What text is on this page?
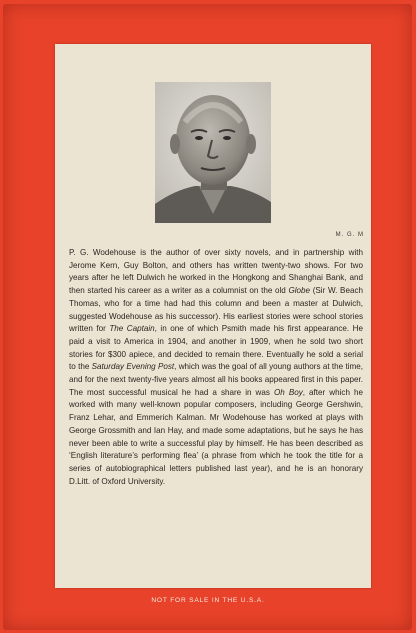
M. G. M

P. G. Wodehouse is the author of over sixty novels, and in partnership with Jerome Kern, Guy Bolton, and others has written twenty-two shows. For two years after he left Dulwich he worked in the Hongkong and Shanghai Bank, and then started his career as a writer as a columnist on the old Globe (Sir W. Beach Thomas, who for a time had had this column and been a master at Dulwich, suggested Wodehouse as his successor). His earliest stories were school stories written for The Captain, in one of which Psmith made his first appearance. He paid a visit to America in 1904, and another in 1909, when he sold two short stories for $300 apiece, and decided to remain there. Eventually he sold a serial to the Saturday Evening Post, which was the goal of all young authors at the time, and for the next twenty-five years almost all his books appeared first in this paper. The most successful musical he had a share in was Oh Boy, after which he worked with many well-known popular composers, including George Gershwin, Franz Lehar, and Emmerich Kalman. Mr Wodehouse has worked at plays with George Grossmith and Ian Hay, and made some adaptations, but he says he has never been able to write a successful play by himself. He has been described as ‘English literature’s performing flea’ (a phrase from which he took the title for a series of autobiographical letters published last year), and he is an honorary D.Litt. of Oxford University.

NOT FOR SALE IN THE U.S.A.
